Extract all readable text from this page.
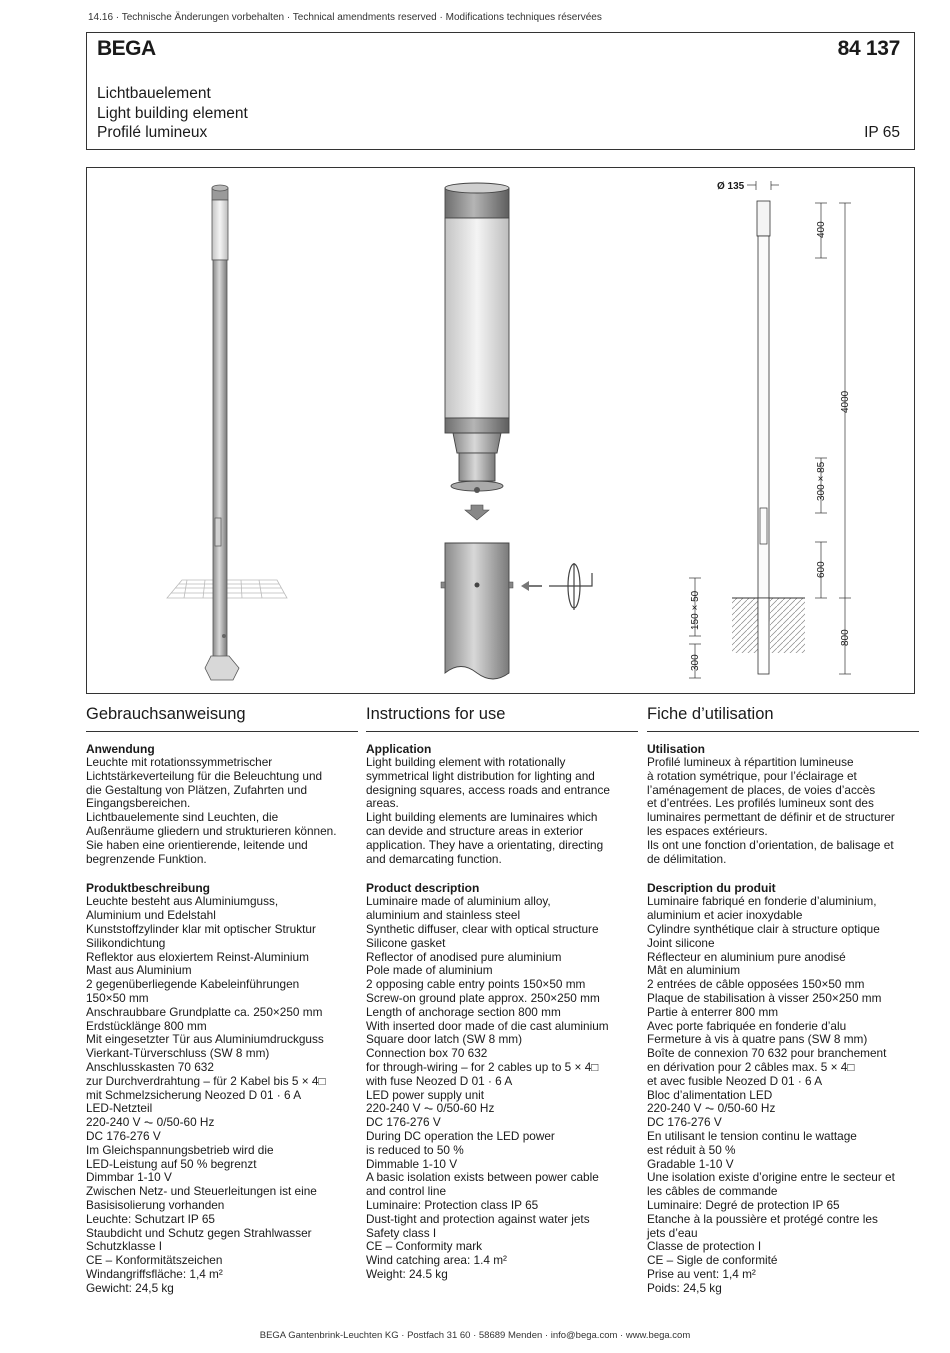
14.16 · Technische Änderungen vorbehalten · Technical amendments reserved · Modifications techniques réservées
BEGA	84 137
Lichtbauelement
Light building element
Profilé lumineux	IP 65
Ø 135
400
4000
300 × 85
600
800
150 × 50
300
Gebrauchsanweisung
Anwendung
Leuchte mit rotationssymmetrischer
Lichtstärkeverteilung für die Beleuchtung und
die Gestaltung von Plätzen, Zufahrten und
Eingangsbereichen.
Lichtbauelemente sind Leuchten, die
Außenräume gliedern und strukturieren können.
Sie haben eine orientierende, leitende und
begrenzende Funktion.
Produktbeschreibung
Leuchte besteht aus Aluminiumguss,
Aluminium und Edelstahl
Kunststoffzylinder klar mit optischer Struktur
Silikondichtung
Reflektor aus eloxiertem Reinst-Aluminium
Mast aus Aluminium
2 gegenüberliegende Kabeleinführungen
150×50 mm
Anschraubbare Grundplatte ca. 250×250 mm
Erdstücklänge 800 mm
Mit eingesetzter Tür aus Aluminiumdruckguss
Vierkant-Türverschluss (SW 8 mm)
Anschlusskasten 70 632
zur Durchverdrahtung – für 2 Kabel bis 5 × 4□
mit Schmelzsicherung Neozed D 01 · 6 A
LED-Netzteil
220-240 V ⏦ 0/50-60 Hz
DC 176-276 V
Im Gleichspannungsbetrieb wird die
LED-Leistung auf 50 % begrenzt
Dimmbar 1-10 V
Zwischen Netz- und Steuerleitungen ist eine
Basisisolierung vorhanden
Leuchte: Schutzart IP 65
Staubdicht und Schutz gegen Strahlwasser
Schutzklasse I
CE – Konformitätszeichen
Windangriffsfläche: 1,4 m²
Gewicht: 24,5 kg
Instructions for use
Application
Light building element with rotationally
symmetrical light distribution for lighting and
designing squares, access roads and entrance
areas.
Light building elements are luminaires which
can devide and structure areas in exterior
application. They have a orientating, directing
and demarcating function.
Product description
Luminaire made of aluminium alloy,
aluminium and stainless steel
Synthetic diffuser, clear with optical structure
Silicone gasket
Reflector of anodised pure aluminium
Pole made of aluminium
2 opposing cable entry points 150×50 mm
Screw-on ground plate approx. 250×250 mm
Length of anchorage section 800 mm
With inserted door made of die cast aluminium
Square door latch (SW 8 mm)
Connection box 70 632
for through-wiring – for 2 cables up to 5 × 4□
with fuse Neozed D 01 · 6 A
LED power supply unit
220-240 V ⏦ 0/50-60 Hz
DC 176-276 V
During DC operation the LED power
is reduced to 50 %
Dimmable 1-10 V
A basic isolation exists between power cable
and control line
Luminaire: Protection class IP 65
Dust-tight and protection against water jets
Safety class I
CE – Conformity mark
Wind catching area: 1.4 m²
Weight: 24.5 kg
Fiche d’utilisation
Utilisation
Profilé lumineux à répartition lumineuse
à rotation symétrique, pour l’éclairage et
l’aménagement de places, de voies d’accès
et d’entrées. Les profilés lumineux sont des
luminaires permettant de définir et de structurer
les espaces extérieurs.
Ils ont une fonction d’orientation, de balisage et
de délimitation.
Description du produit
Luminaire fabriqué en fonderie d’aluminium,
aluminium et acier inoxydable
Cylindre synthétique clair à structure optique
Joint silicone
Réflecteur en aluminium pure anodisé
Mât en aluminium
2 entrées de câble opposées 150×50 mm
Plaque de stabilisation à visser 250×250 mm
Partie à enterrer 800 mm
Avec porte fabriquée en fonderie d’alu
Fermeture à vis à quatre pans (SW 8 mm)
Boîte de connexion 70 632 pour branchement
en dérivation pour 2 câbles max. 5 × 4□
et avec fusible Neozed D 01 · 6 A
Bloc d’alimentation LED
220-240 V ⏦ 0/50-60 Hz
DC 176-276 V
En utilisant le tension continu le wattage
est réduit à 50 %
Gradable 1-10 V
Une isolation existe d’origine entre le secteur et
les câbles de commande
Luminaire: Degré de protection IP 65
Etanche à la poussière et protégé contre les
jets d’eau
Classe de protection I
CE – Sigle de conformité
Prise au vent: 1,4 m²
Poids: 24,5 kg
BEGA Gantenbrink-Leuchten KG · Postfach 31 60 · 58689 Menden · info@bega.com · www.bega.com
